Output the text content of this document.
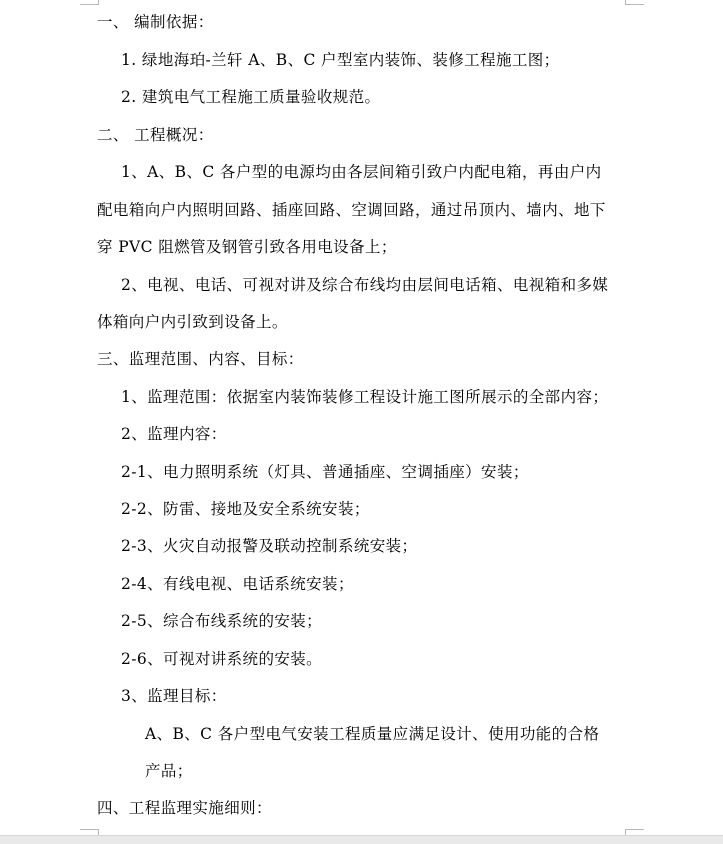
一、 编制依据：
1. 绿地海珀-兰轩 A、B、C 户型室内装饰、装修工程施工图；
2. 建筑电气工程施工质量验收规范。
二、 工程概况：
1、A、B、C 各户型的电源均由各层间箱引致户内配电箱，再由户内
配电箱向户内照明回路、插座回路、空调回路，通过吊顶内、墙内、地下
穿 PVC 阻燃管及钢管引致各用电设备上；
2、电视、电话、可视对讲及综合布线均由层间电话箱、电视箱和多媒
体箱向户内引致到设备上。
三、监理范围、内容、目标：
1、监理范围：依据室内装饰装修工程设计施工图所展示的全部内容；
2、监理内容：
2-1、电力照明系统（灯具、普通插座、空调插座）安装；
2-2、防雷、接地及安全系统安装；
2-3、火灾自动报警及联动控制系统安装；
2-4、有线电视、电话系统安装；
2-5、综合布线系统的安装；
2-6、可视对讲系统的安装。
3、监理目标：
A、B、C 各户型电气安装工程质量应满足设计、使用功能的合格
产品；
四、工程监理实施细则：
